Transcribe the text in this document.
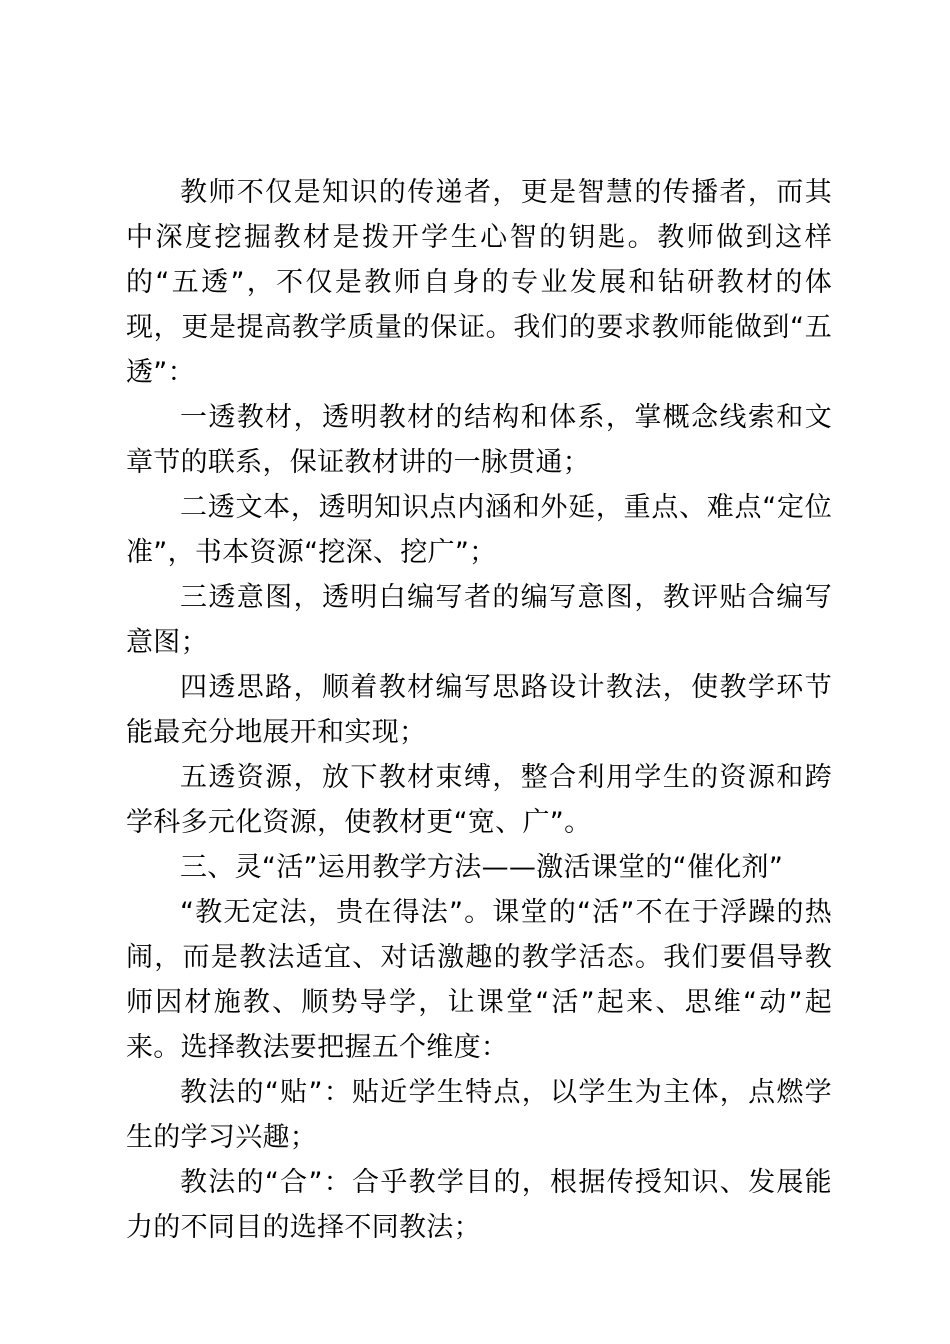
教师不仅是知识的传递者，更是智慧的传播者，而其中深度挖掘教材是拨开学生心智的钥匙。教师做到这样的“五透”，不仅是教师自身的专业发展和钻研教材的体现，更是提高教学质量的保证。我们的要求教师能做到“五透”：

一透教材，透明教材的结构和体系，掌概念线索和文章节的联系，保证教材讲的一脉贯通；

二透文本，透明知识点内涵和外延，重点、难点“定位准”，书本资源“挖深、挖广”；

三透意图，透明白编写者的编写意图，教评贴合编写意图；

四透思路，顺着教材编写思路设计教法，使教学环节能最充分地展开和实现；

五透资源，放下教材束缚，整合利用学生的资源和跨学科多元化资源，使教材更“宽、广”。

三、灵“活”运用教学方法——激活课堂的“催化剂”

“教无定法，贵在得法”。课堂的“活”不在于浮躁的热闹，而是教法适宜、对话激趣的教学活态。我们要倡导教师因材施教、顺势导学，让课堂“活”起来、思维“动”起来。选择教法要把握五个维度：

教法的“贴”：贴近学生特点，以学生为主体，点燃学生的学习兴趣；

教法的“合”：合乎教学目的，根据传授知识、发展能力的不同目的选择不同教法；
